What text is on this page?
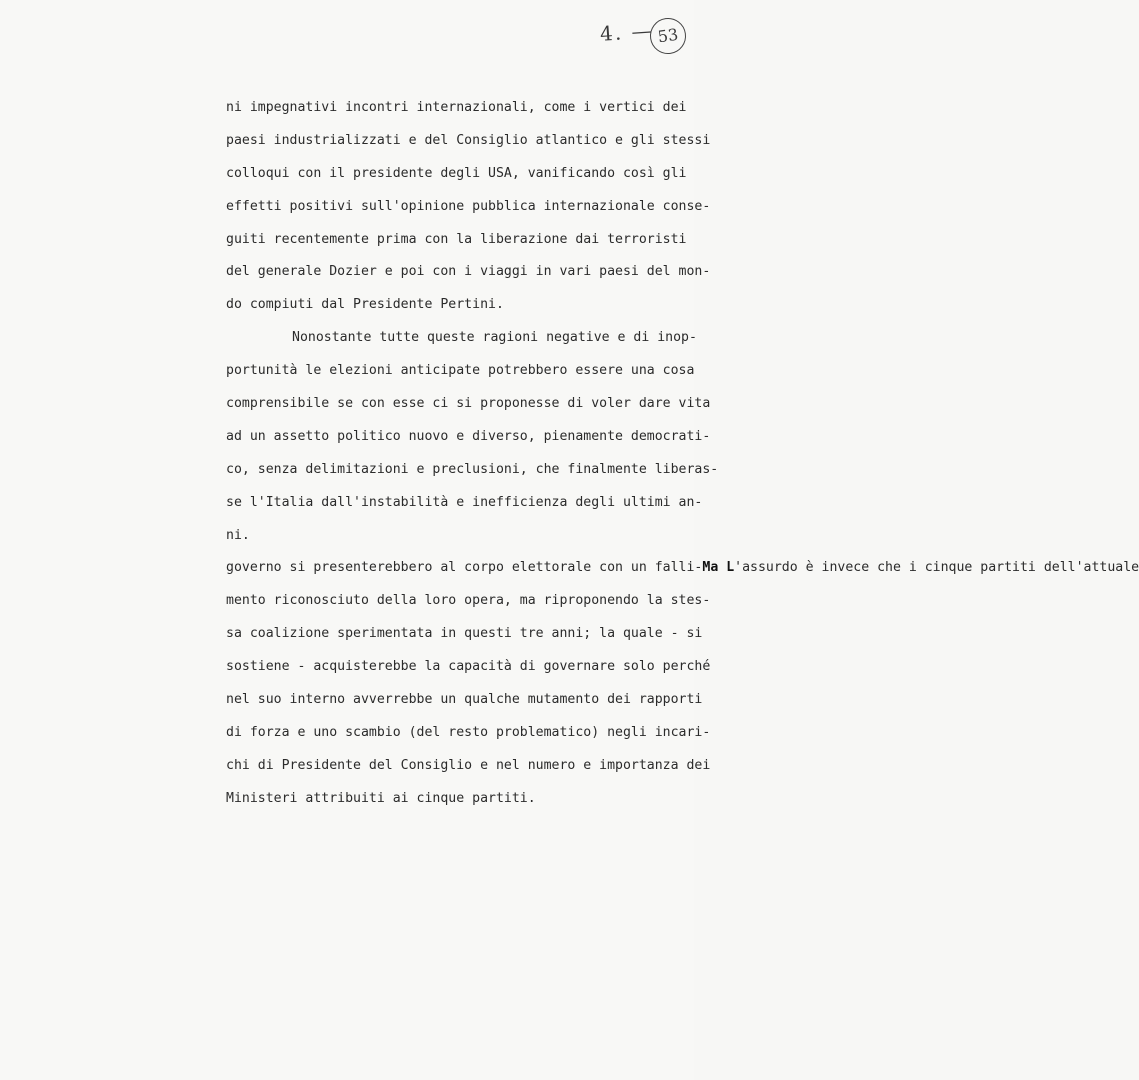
4. — 53
ni impegnativi incontri internazionali, come i vertici dei
paesi industrializzati e del Consiglio atlantico e gli stessi
colloqui con il presidente degli USA, vanificando così gli
effetti positivi sull'opinione pubblica internazionale conse-
guiti recentemente prima con la liberazione dai terroristi
del generale Dozier e poi con i viaggi in vari paesi del mon-
do compiuti dal Presidente Pertini.
Nonostante tutte queste ragioni negative e di inop-
portunità le elezioni anticipate potrebbero essere una cosa
comprensibile se con esse ci si proponesse di voler dare vita
ad un assetto politico nuovo e diverso, pienamente democrati-
co, senza delimitazioni e preclusioni, che finalmente liberas-
se l'Italia dall'instabilità e inefficienza degli ultimi an-
ni.
governo si presenterebbero al corpo elettorale con un falli-Ma L'assurdo è invece che i cinque partiti dell'attuale
mento riconosciuto della loro opera, ma riproponendo la stes-
sa coalizione sperimentata in questi tre anni; la quale - si
sostiene - acquisterebbe la capacità di governare solo perché
nel suo interno avverrebbe un qualche mutamento dei rapporti
di forza e uno scambio (del resto problematico) negli incari-
chi di Presidente del Consiglio e nel numero e importanza dei
Ministeri attribuiti ai cinque partiti.
